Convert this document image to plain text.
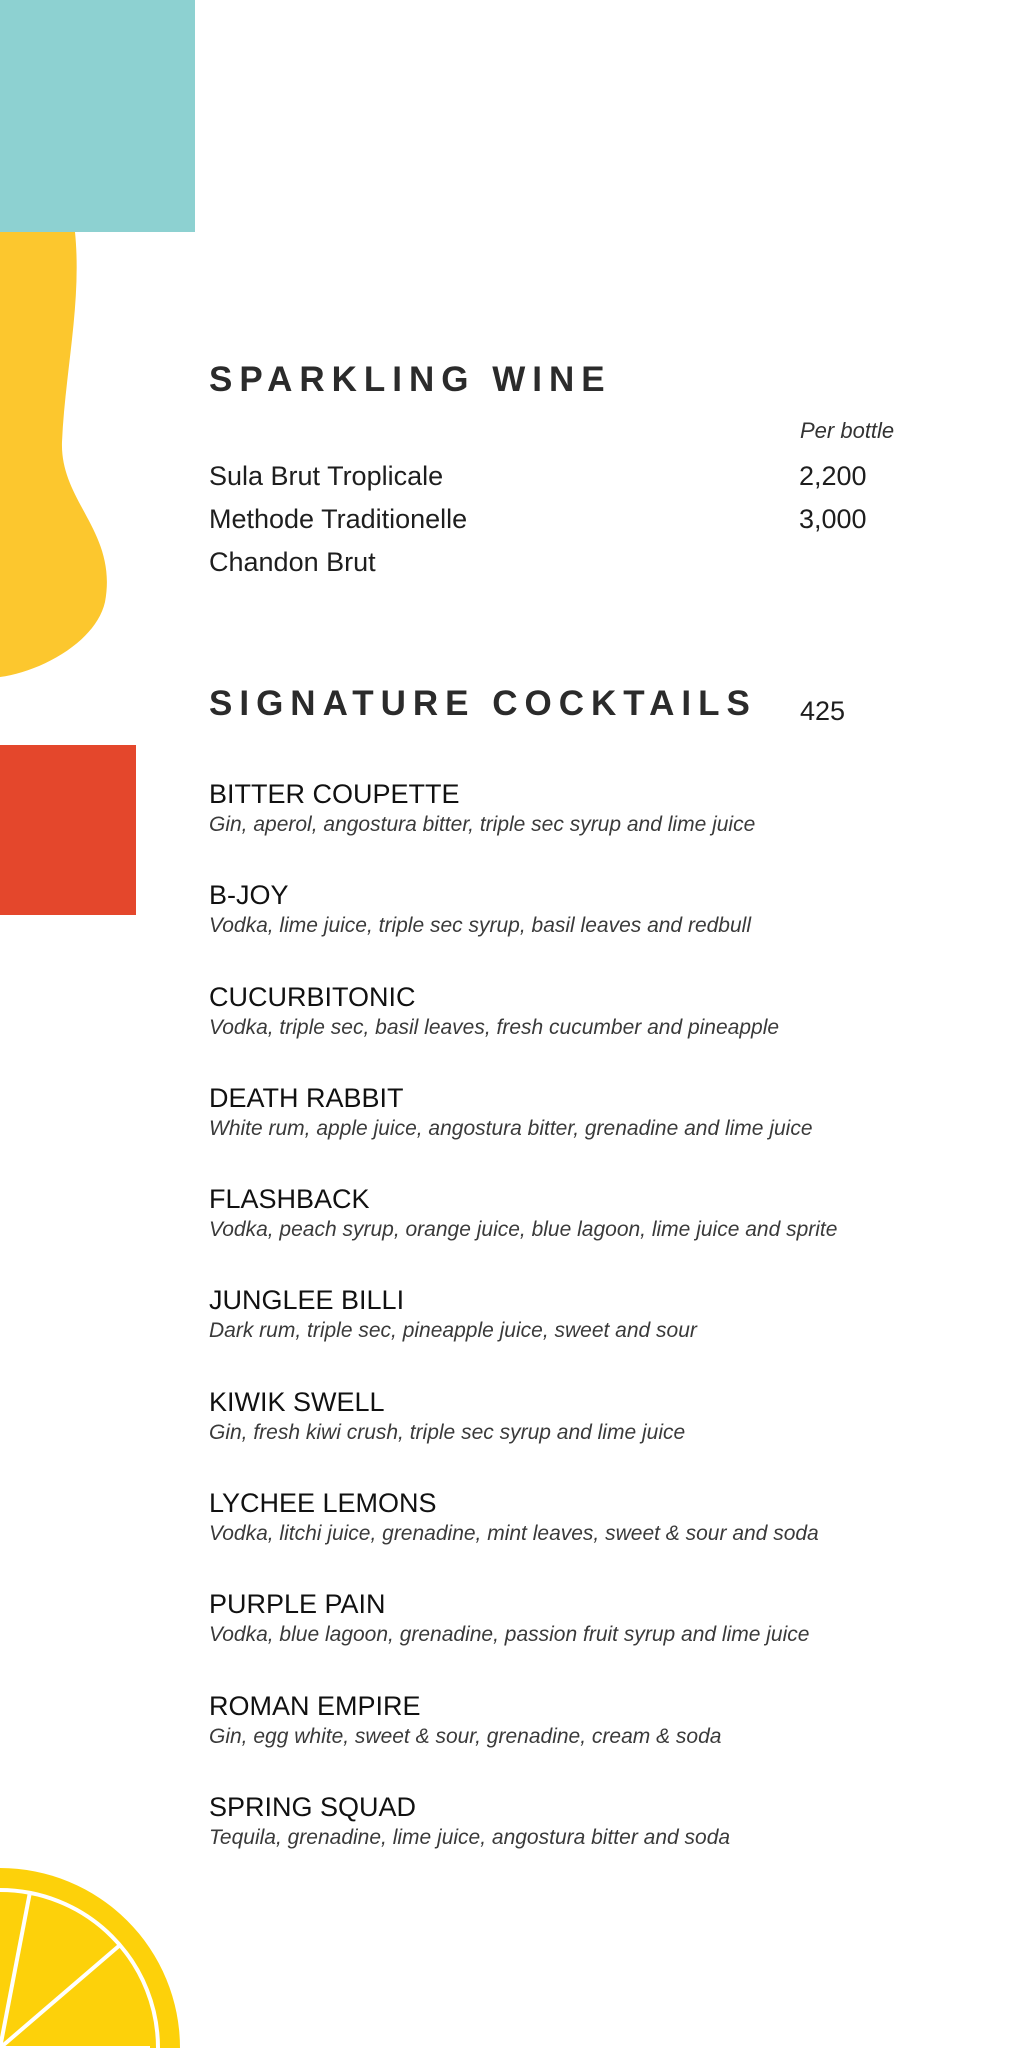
SPARKLING WINE
Per bottle
Sula Brut Troplicale	2,200
Methode Traditionelle	3,000
Chandon Brut
SIGNATURE COCKTAILS 425
BITTER COUPETTE
Gin, aperol, angostura bitter, triple sec syrup and lime juice
B-JOY
Vodka, lime juice, triple sec syrup, basil leaves and redbull
CUCURBITONIC
Vodka, triple sec, basil leaves, fresh cucumber and pineapple
DEATH RABBIT
White rum, apple juice, angostura bitter, grenadine and lime juice
FLASHBACK
Vodka, peach syrup, orange juice, blue lagoon, lime juice and sprite
JUNGLEE BILLI
Dark rum, triple sec, pineapple juice, sweet and sour
KIWIK SWELL
Gin, fresh kiwi crush, triple sec syrup and lime juice
LYCHEE LEMONS
Vodka, litchi juice, grenadine, mint leaves, sweet & sour and soda
PURPLE PAIN
Vodka, blue lagoon, grenadine, passion fruit syrup and lime juice
ROMAN EMPIRE
Gin, egg white, sweet & sour, grenadine, cream & soda
SPRING SQUAD
Tequila, grenadine, lime juice, angostura bitter and soda
